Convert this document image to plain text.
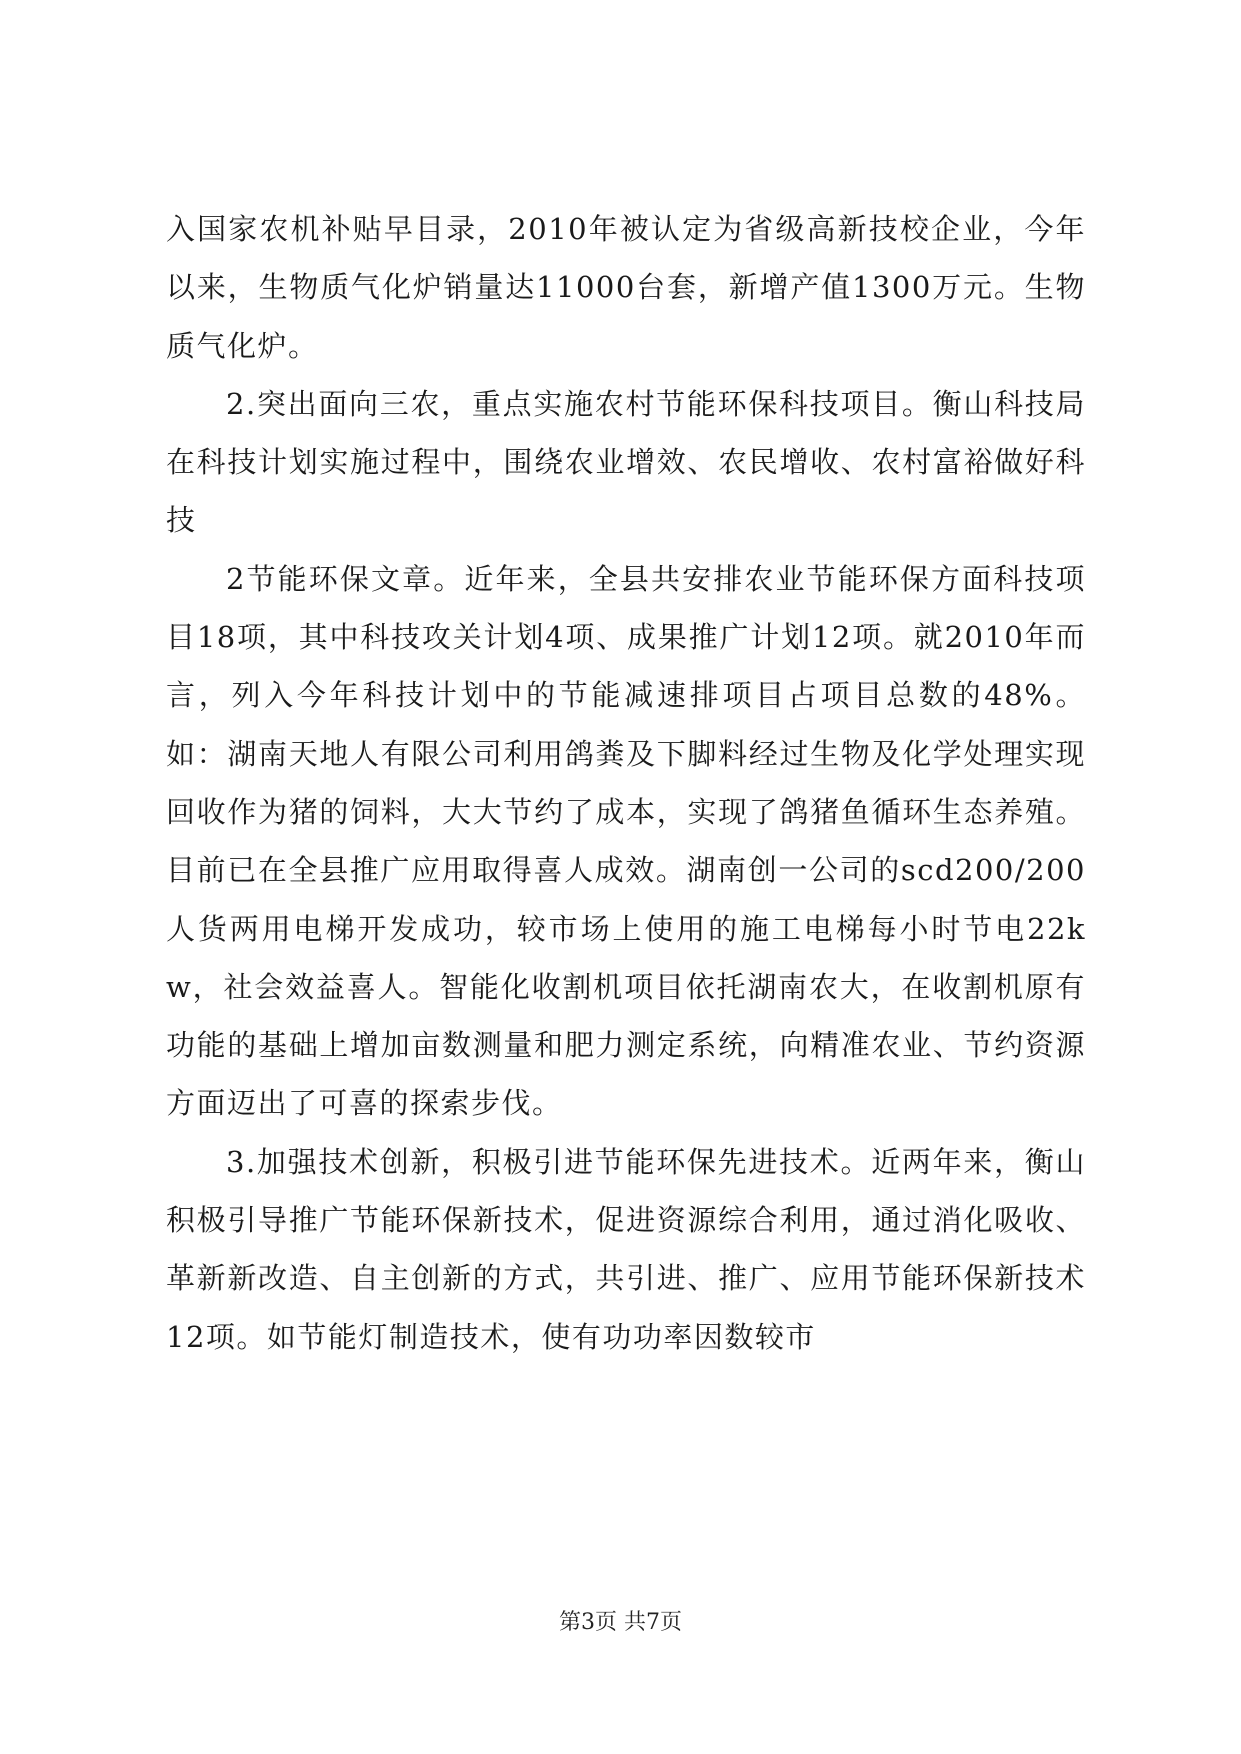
入国家农机补贴早目录，2010年被认定为省级高新技校企业，今年以来，生物质气化炉销量达11000台套，新增产值1300万元。生物质气化炉。

2.突出面向三农，重点实施农村节能环保科技项目。衡山科技局在科技计划实施过程中，围绕农业增效、农民增收、农村富裕做好科技

2节能环保文章。近年来，全县共安排农业节能环保方面科技项目18项，其中科技攻关计划4项、成果推广计划12项。就2010年而言，列入今年科技计划中的节能减速排项目占项目总数的48%。如：湖南天地人有限公司利用鸽粪及下脚料经过生物及化学处理实现回收作为猪的饲料，大大节约了成本，实现了鸽猪鱼循环生态养殖。目前已在全县推广应用取得喜人成效。湖南创一公司的scd200/200人货两用电梯开发成功，较市场上使用的施工电梯每小时节电22kw，社会效益喜人。智能化收割机项目依托湖南农大，在收割机原有功能的基础上增加亩数测量和肥力测定系统，向精准农业、节约资源方面迈出了可喜的探索步伐。

3.加强技术创新，积极引进节能环保先进技术。近两年来，衡山积极引导推广节能环保新技术，促进资源综合利用，通过消化吸收、革新新改造、自主创新的方式，共引进、推广、应用节能环保新技术12项。如节能灯制造技术，使有功功率因数较市

第3页 共7页
